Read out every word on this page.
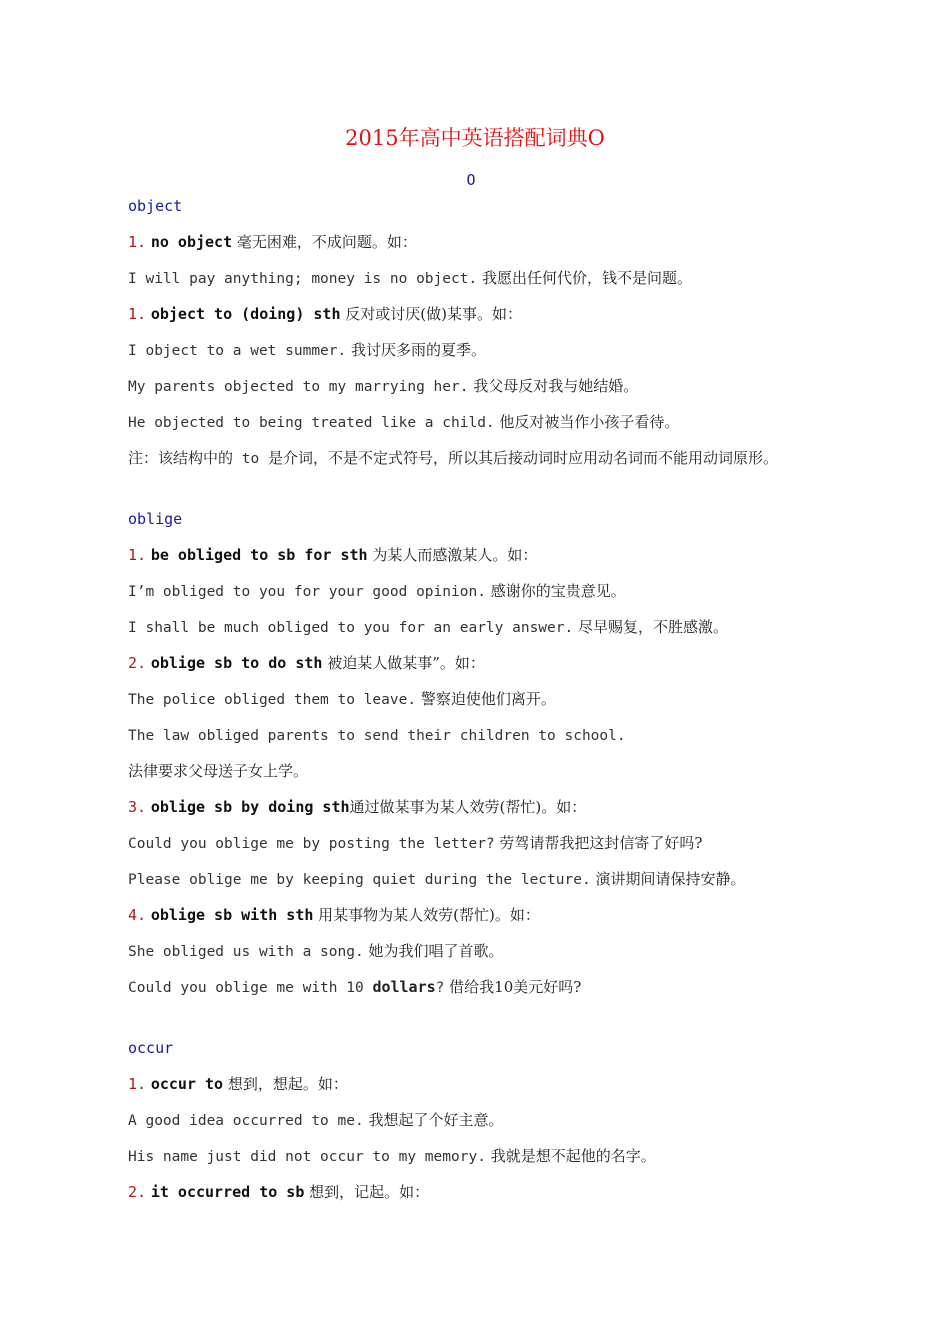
2015年高中英语搭配词典O
O
object
1. no object 毫无困难，不成问题。如：
I will pay anything; money is no object. 我愿出任何代价，钱不是问题。
1. object to (doing) sth 反对或讨厌(做)某事。如：
I object to a wet summer. 我讨厌多雨的夏季。
My parents objected to my marrying her. 我父母反对我与她结婚。
He objected to being treated like a child. 他反对被当作小孩子看待。
注：该结构中的 to 是介词，不是不定式符号，所以其后接动词时应用动名词而不能用动词原形。
oblige
1. be obliged to sb for sth 为某人而感激某人。如：
I’m obliged to you for your good opinion. 感谢你的宝贵意见。
I shall be much obliged to you for an early answer. 尽早赐复，不胜感激。
2. oblige sb to do sth 被迫某人做某事”。如：
The police obliged them to leave. 警察迫使他们离开。
The law obliged parents to send their children to school.
法律要求父母送子女上学。
3. oblige sb by doing sth通过做某事为某人效劳(帮忙)。如：
Could you oblige me by posting the letter? 劳驾请帮我把这封信寄了好吗?
Please oblige me by keeping quiet during the lecture. 演讲期间请保持安静。
4. oblige sb with sth 用某事物为某人效劳(帮忙)。如：
She obliged us with a song. 她为我们唱了首歌。
Could you oblige me with 10 dollars? 借给我10美元好吗?
occur
1. occur to 想到，想起。如：
A good idea occurred to me. 我想起了个好主意。
His name just did not occur to my memory. 我就是想不起他的名字。
2. it occurred to sb 想到，记起。如：
